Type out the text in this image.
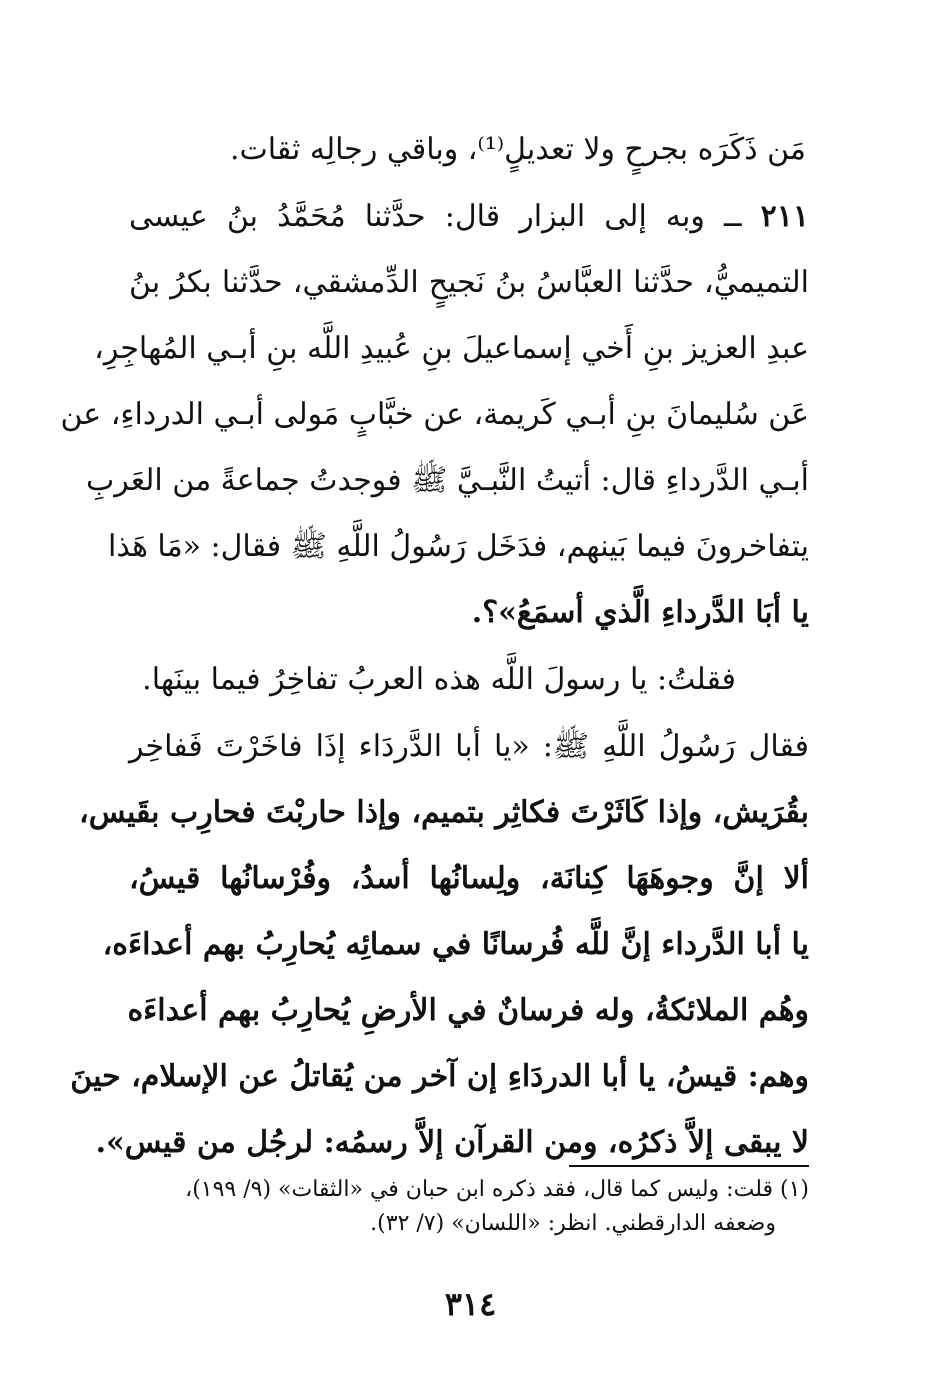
مَن ذَكَرَه بجرحٍ ولا تعديلٍ⁽¹⁾، وباقي رجالِه ثقات.
٢١١ ــ وبه إلى البزار قال: حدَّثنا مُحَمَّدُ بنُ عيسى
التميميُّ، حدَّثنا العبَّاسُ بنُ نَجيحٍ الدِّمشقي، حدَّثنا بكرُ بنُ
عبدِ العزيز بنِ أَخي إسماعيلَ بنِ عُبيدِ اللَّه بنِ أبـي المُهاجِرِ،
عَن سُليمانَ بنِ أبـي كَريمة، عن خبَّابٍ مَولى أبـي الدرداءِ، عن
أبـي الدَّرداءِ قال: أتيتُ النَّبـيَّ ﷺ فوجدتُ جماعةً من العَربِ
يتفاخرونَ فيما بَينهم، فدَخَل رَسُولُ اللَّهِ ﷺ فقال: «مَا هَذا
يا أبَا الدَّرداءِ الَّذي أسمَعُ»؟.
فقلتُ: يا رسولَ اللَّه هذه العربُ تفاخِرُ فيما بينَها.
فقال رَسُولُ اللَّهِ ﷺ: «يا أبا الدَّردَاء إذَا فاخَرْتَ فَفاخِر
بقُرَيش، وإذا كَاثَرْتَ فكاثِر بتميم، وإذا حاربْتَ فحارِب بقَيس،
ألا إنَّ وجوهَهَا كِنانَة، ولِسانُها أسدُ، وفُرْسانُها قيسُ،
يا أبا الدَّرداء إنَّ للَّه فُرسانًا في سمائِه يُحارِبُ بهم أعداءَه،
وهُم الملائكةُ، وله فرسانٌ في الأرضِ يُحارِبُ بهم أعداءَه
وهم: قيسُ، يا أبا الدردَاءِ إن آخر من يُقاتلُ عن الإسلام، حينَ
لا يبقى إلاَّ ذكرُه، ومن القرآن إلاَّ رسمُه: لرجُل من قيس».
(١) قلت: وليس كما قال، فقد ذكره ابن حبان في «الثقات» (٩/ ١٩٩)،
وضعفه الدارقطني. انظر: «اللسان» (٧/ ٣٢).
٣١٤
